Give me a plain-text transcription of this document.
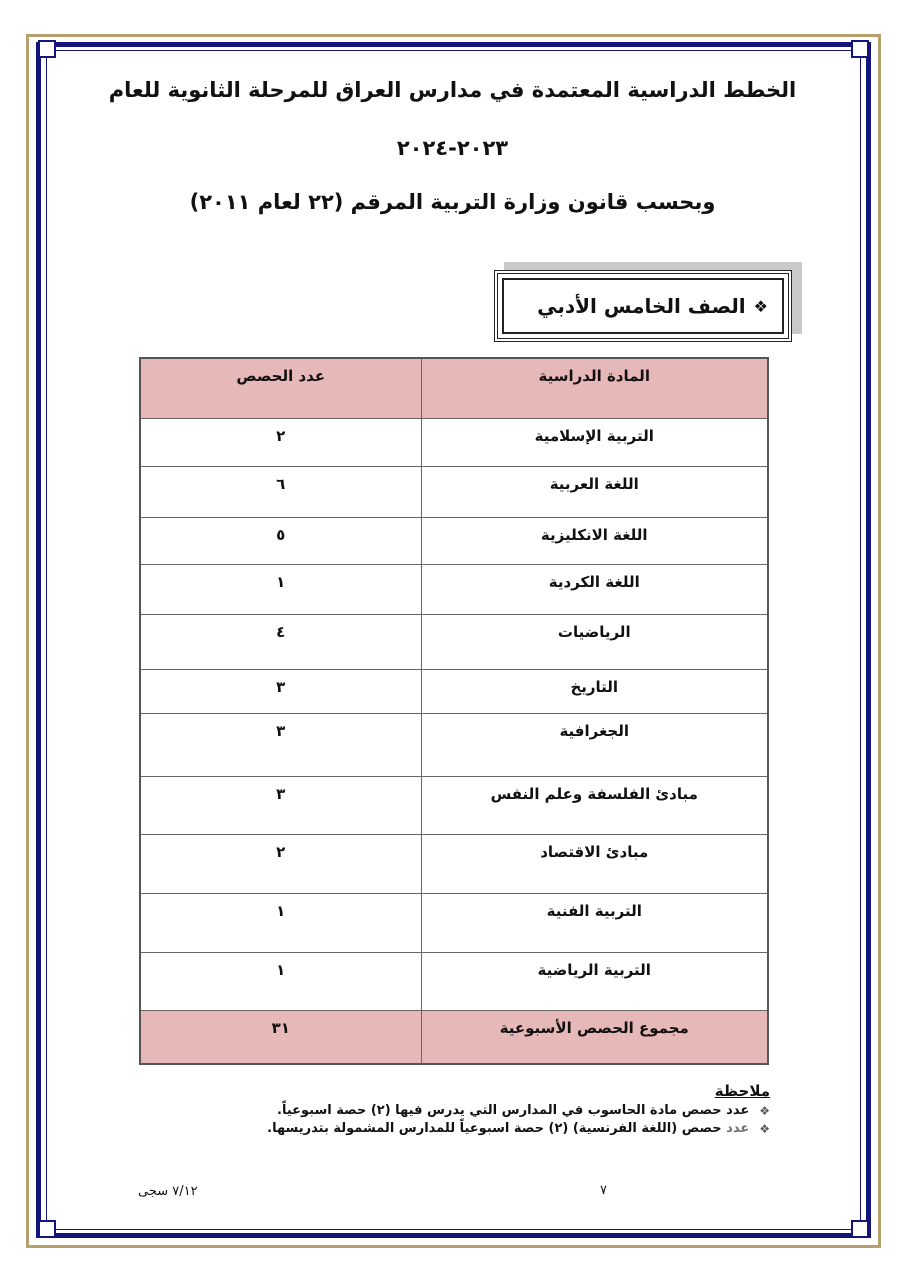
الخطط الدراسية المعتمدة في مدارس العراق للمرحلة الثانوية للعام
٢٠٢٣-٢٠٢٤
وبحسب قانون وزارة التربية المرقم (٢٢ لعام ٢٠١١)
❖
الصف الخامس الأدبي
المادة الدراسية	عدد الحصص
التربية الإسلامية	٢
اللغة العربية	٦
اللغة الانكليزية	٥
اللغة الكردية	١
الرياضيات	٤
التاريخ	٣
الجغرافية	٣
مبادئ الفلسفة وعلم النفس	٣
مبادئ الاقتصاد	٢
التربية الفنية	١
التربية الرياضية	١
مجموع الحصص الأسبوعية	٣١
ملاحظة
❖
عدد حصص مادة الحاسوب في المدارس التي يدرس فيها (٢) حصة اسبوعياً.
❖
عدد حصص (اللغة الفرنسية) (٢) حصة اسبوعياً للمدارس المشمولة بتدريسها.
٧
٧/١٢ سجى
